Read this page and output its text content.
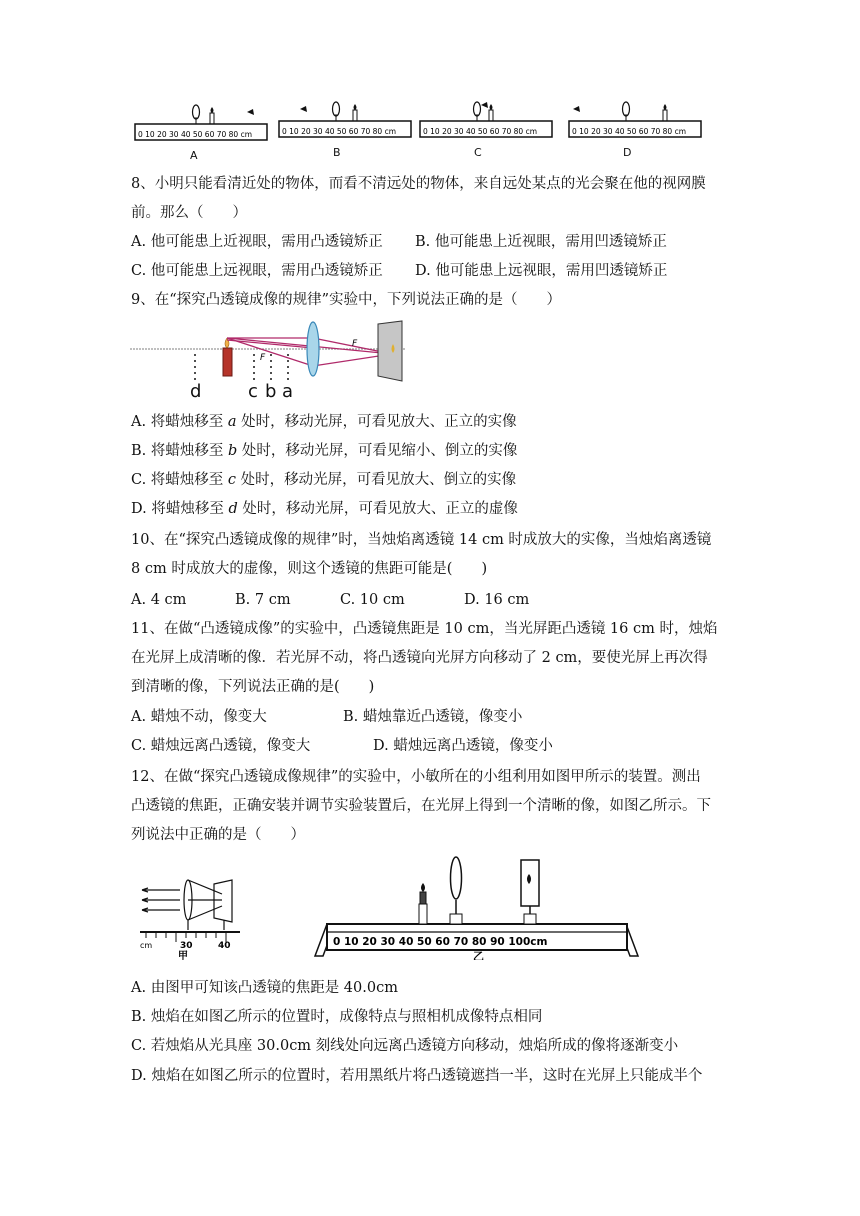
0 10 20 30 40 50 60 70 80 cm
A
0 10 20 30 40 50 60 70 80 cm
B
0 10 20 30 40 50 60 70 80 cm
C
0 10 20 30 40 50 60 70 80 cm
D
8、小明只能看清近处的物体，而看不清远处的物体，来自远处某点的光会聚在他的视网膜
前。那么（　　）
A. 他可能患上近视眼，需用凸透镜矫正 B. 他可能患上近视眼，需用凹透镜矫正
C. 他可能患上远视眼，需用凸透镜矫正 D. 他可能患上远视眼，需用凹透镜矫正
9、在“探究凸透镜成像的规律”实验中，下列说法正确的是（　　）
F
F
d	c b a
A. 将蜡烛移至 a 处时，移动光屏，可看见放大、正立的实像
B. 将蜡烛移至 b 处时，移动光屏，可看见缩小、倒立的实像
C. 将蜡烛移至 c 处时，移动光屏，可看见放大、倒立的实像
D. 将蜡烛移至 d 处时，移动光屏，可看见放大、正立的虚像
10、在“探究凸透镜成像的规律”时，当烛焰离透镜 14 cm 时成放大的实像，当烛焰离透镜
8 cm 时成放大的虚像，则这个透镜的焦距可能是(　　)
A. 4 cm	B. 7 cm	C. 10 cm	D. 16 cm
11、在做“凸透镜成像”的实验中，凸透镜焦距是 10 cm，当光屏距凸透镜 16 cm 时，烛焰
在光屏上成清晰的像．若光屏不动，将凸透镜向光屏方向移动了 2 cm，要使光屏上再次得
到清晰的像，下列说法正确的是(　　)
A. 蜡烛不动，像变大	B. 蜡烛靠近凸透镜，像变小
C. 蜡烛远离凸透镜，像变大	D. 蜡烛远离凸透镜，像变小
12、在做“探究凸透镜成像规律”的实验中，小敏所在的小组利用如图甲所示的装置。测出
凸透镜的焦距，正确安装并调节实验装置后，在光屏上得到一个清晰的像，如图乙所示。下
列说法中正确的是（　　）
cm	30	40
甲
0 10 20 30 40 50 60 70 80 90 100cm
乙
A. 由图甲可知该凸透镜的焦距是 40.0cm
B. 烛焰在如图乙所示的位置时，成像特点与照相机成像特点相同
C. 若烛焰从光具座 30.0cm 刻线处向远离凸透镜方向移动，烛焰所成的像将逐渐变小
D. 烛焰在如图乙所示的位置时，若用黑纸片将凸透镜遮挡一半，这时在光屏上只能成半个
